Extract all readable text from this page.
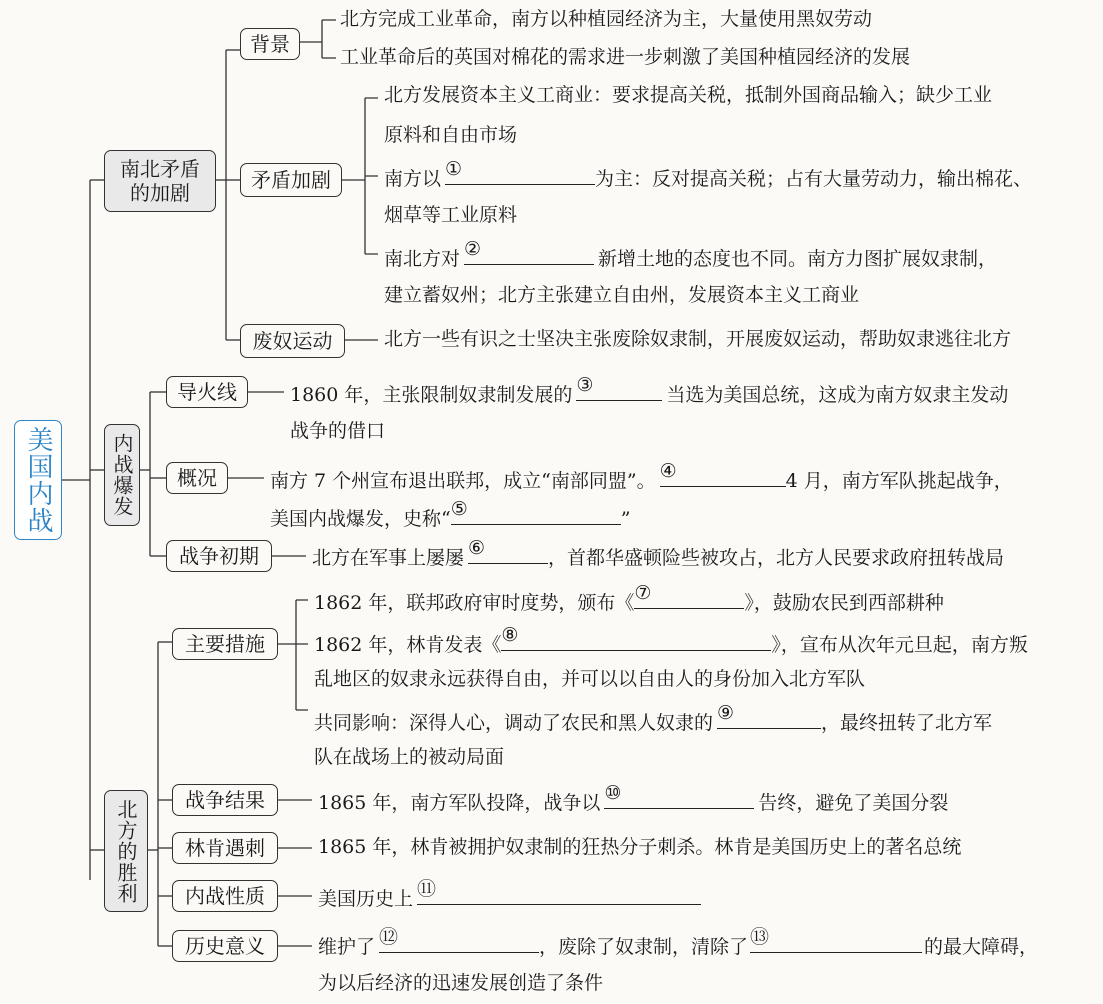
美国内战
南北矛盾
的加剧
背景
北方完成工业革命，南方以种植园经济为主，大量使用黑奴劳动
工业革命后的英国对棉花的需求进一步刺激了美国种植园经济的发展
矛盾加剧
北方发展资本主义工商业：要求提高关税，抵制外国商品输入；缺少工业
原料和自由市场
南方以 ①	为主：反对提高关税；占有大量劳动力，输出棉花、
烟草等工业原料
南北方对 ②	新增土地的态度也不同。南方力图扩展奴隶制，
建立蓄奴州；北方主张建立自由州，发展资本主义工商业
废奴运动	北方一些有识之士坚决主张废除奴隶制，开展废奴运动，帮助奴隶逃往北方
内战爆发
导火线	1860 年，主张限制奴隶制发展的 ③	当选为美国总统，这成为南方奴隶主发动
战争的借口
概况	南方 7 个州宣布退出联邦，成立“南部同盟”。 ④	4 月，南方军队挑起战争，
美国内战爆发，史称“ ⑤	”
战争初期	北方在军事上屡屡 ⑥	，首都华盛顿险些被攻占，北方人民要求政府扭转战局
北方的胜利
主要措施
1862 年，联邦政府审时度势，颁布《 ⑦	》，鼓励农民到西部耕种
1862 年，林肯发表《 ⑧	》，宣布从次年元旦起，南方叛
乱地区的奴隶永远获得自由，并可以以自由人的身份加入北方军队
共同影响：深得人心，调动了农民和黑人奴隶的 ⑨	，最终扭转了北方军
队在战场上的被动局面
战争结果	1865 年，南方军队投降，战争以 ⑩	告终，避免了美国分裂
林肯遇刺	1865 年，林肯被拥护奴隶制的狂热分子刺杀。林肯是美国历史上的著名总统
内战性质	美国历史上 ⑪
历史意义	维护了 ⑫	，废除了奴隶制，清除了 ⑬	的最大障碍，
为以后经济的迅速发展创造了条件
